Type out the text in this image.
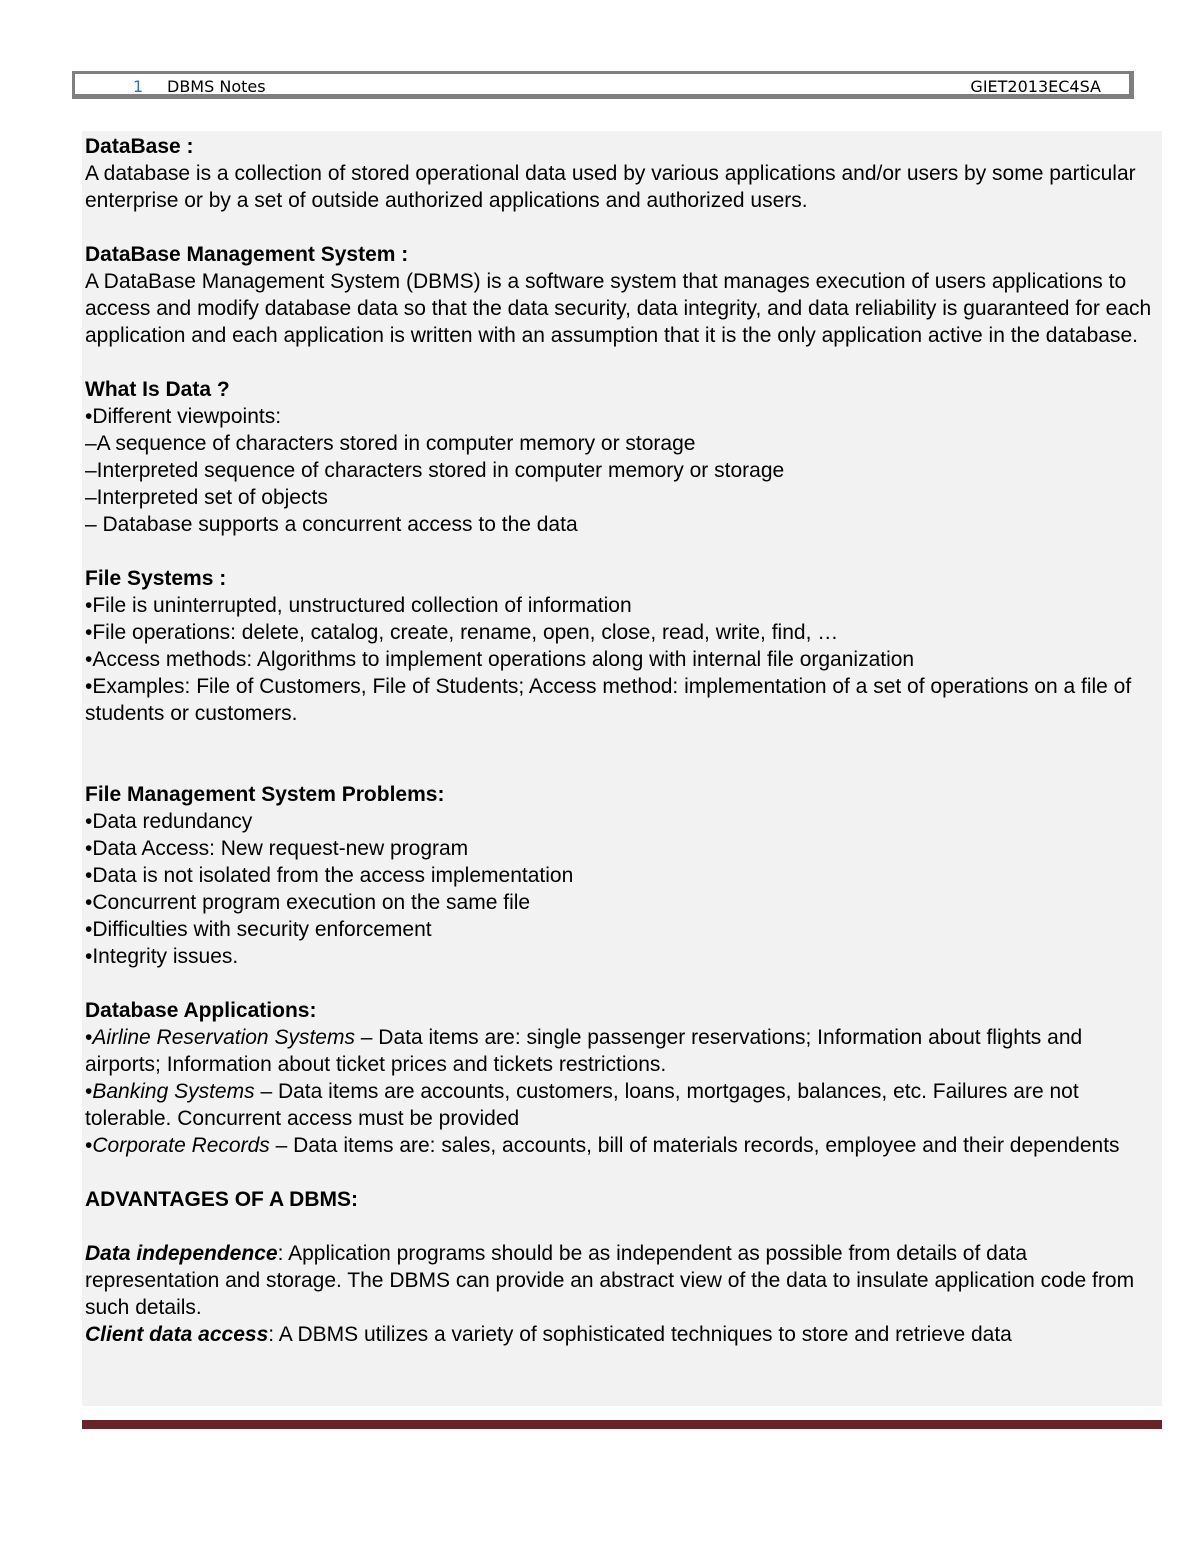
1 DBMS Notes	GIET2013EC4SA

DataBase :

A database is a collection of stored operational data used by various applications and/or users by some particular enterprise or by a set of outside authorized applications and authorized users.

DataBase Management System :

A DataBase Management System (DBMS) is a software system that manages execution of users applications to access and modify database data so that the data security, data integrity, and data reliability is guaranteed for each application and each application is written with an assumption that it is the only application active in the database.

What Is Data ?

•Different viewpoints:

–A sequence of characters stored in computer memory or storage

–Interpreted sequence of characters stored in computer memory or storage

–Interpreted set of objects

– Database supports a concurrent access to the data

File Systems :

•File is uninterrupted, unstructured collection of information

•File operations: delete, catalog, create, rename, open, close, read, write, find, …

•Access methods: Algorithms to implement operations along with internal file organization

•Examples: File of Customers, File of Students; Access method: implementation of a set of operations on a file of students or customers.

File Management System Problems:

•Data redundancy

•Data Access: New request-new program

•Data is not isolated from the access implementation

•Concurrent program execution on the same file

•Difficulties with security enforcement

•Integrity issues.

Database Applications:

•Airline Reservation Systems – Data items are: single passenger reservations; Information about flights and airports; Information about ticket prices and tickets restrictions.

•Banking Systems – Data items are accounts, customers, loans, mortgages, balances, etc. Failures are not tolerable. Concurrent access must be provided

•Corporate Records – Data items are: sales, accounts, bill of materials records, employee and their dependents

ADVANTAGES OF A DBMS:

Data independence: Application programs should be as independent as possible from details of data representation and storage. The DBMS can provide an abstract view of the data to insulate application code from such details.

Client data access: A DBMS utilizes a variety of sophisticated techniques to store and retrieve data
